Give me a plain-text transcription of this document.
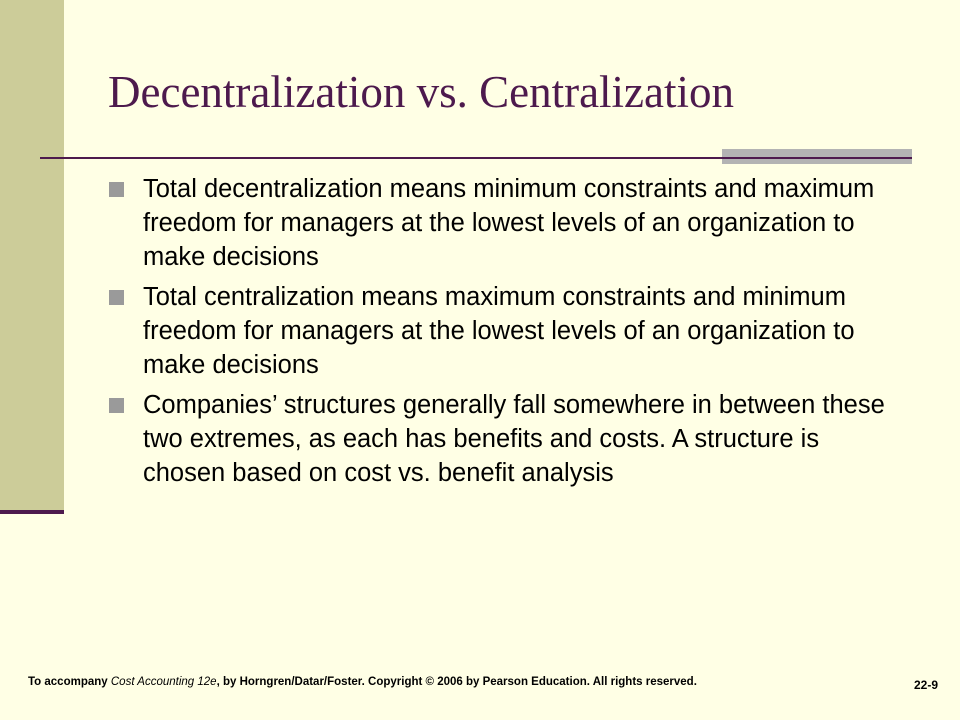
Decentralization vs. Centralization
Total decentralization means minimum constraints and maximum freedom for managers at the lowest levels of an organization to make decisions
Total centralization means maximum constraints and minimum freedom for managers at the lowest levels of an organization to make decisions
Companies’ structures generally fall somewhere in between these two extremes, as each has benefits and costs. A structure is chosen based on cost vs. benefit analysis
To accompany Cost Accounting 12e, by Horngren/Datar/Foster. Copyright © 2006 by Pearson Education. All rights reserved.	22-9
